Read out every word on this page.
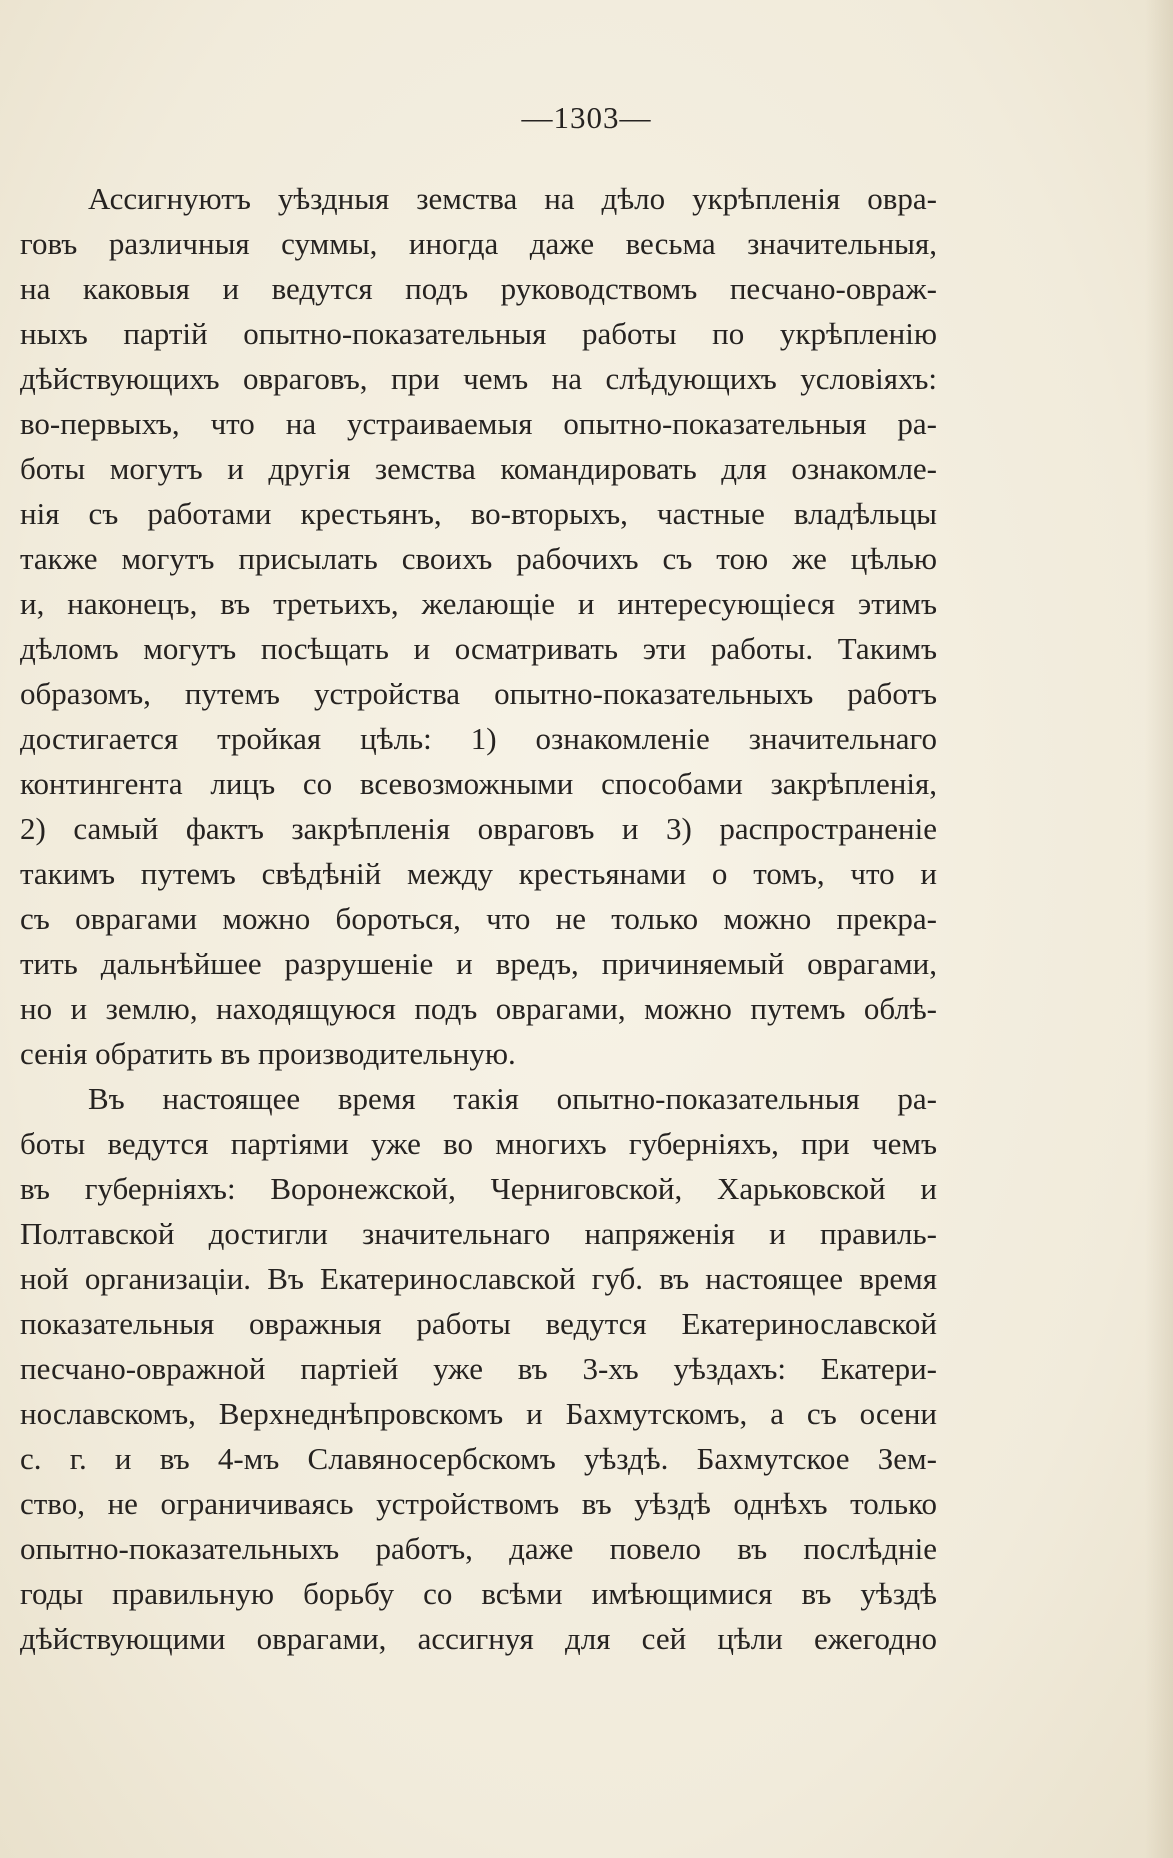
—1303—
Ассигнуютъ уѣздныя земства на дѣло укрѣпленія овра-
говъ различныя суммы, иногда даже весьма значительныя,
на каковыя и ведутся подъ руководствомъ песчано-овраж-
ныхъ партій опытно-показательныя работы по укрѣпленію
дѣйствующихъ овраговъ, при чемъ на слѣдующихъ условіяхъ:
во-первыхъ, что на устраиваемыя опытно-показательныя ра-
боты могутъ и другія земства командировать для ознакомле-
нія съ работами крестьянъ, во-вторыхъ, частные владѣльцы
также могутъ присылать своихъ рабочихъ съ тою же цѣлью
и, наконецъ, въ третьихъ, желающіе и интересующіеся этимъ
дѣломъ могутъ посѣщать и осматривать эти работы. Такимъ
образомъ, путемъ устройства опытно-показательныхъ работъ
достигается тройкая цѣль: 1) ознакомленіе значительнаго
контингента лицъ со всевозможными способами закрѣпленія,
2) самый фактъ закрѣпленія овраговъ и 3) распространеніе
такимъ путемъ свѣдѣній между крестьянами о томъ, что и
съ оврагами можно бороться, что не только можно прекра-
тить дальнѣйшее разрушеніе и вредъ, причиняемый оврагами,
но и землю, находящуюся подъ оврагами, можно путемъ облѣ-
сенія обратить въ производительную.
Въ настоящее время такія опытно-показательныя ра-
боты ведутся партіями уже во многихъ губерніяхъ, при чемъ
въ губерніяхъ: Воронежской, Черниговской, Харьковской и
Полтавской достигли значительнаго напряженія и правиль-
ной организаціи. Въ Екатеринославской губ. въ настоящее время
показательныя овражныя работы ведутся Екатеринославской
песчано-овражной партіей уже въ 3-хъ уѣздахъ: Екатери-
нославскомъ, Верхнеднѣпровскомъ и Бахмутскомъ, а съ осени
с. г. и въ 4-мъ Славяносербскомъ уѣздѣ. Бахмутское Зем-
ство, не ограничиваясь устройствомъ въ уѣздѣ однѣхъ только
опытно-показательныхъ работъ, даже повело въ послѣдніе
годы правильную борьбу со всѣми имѣющимися въ уѣздѣ
дѣйствующими оврагами, ассигнуя для сей цѣли ежегодно
